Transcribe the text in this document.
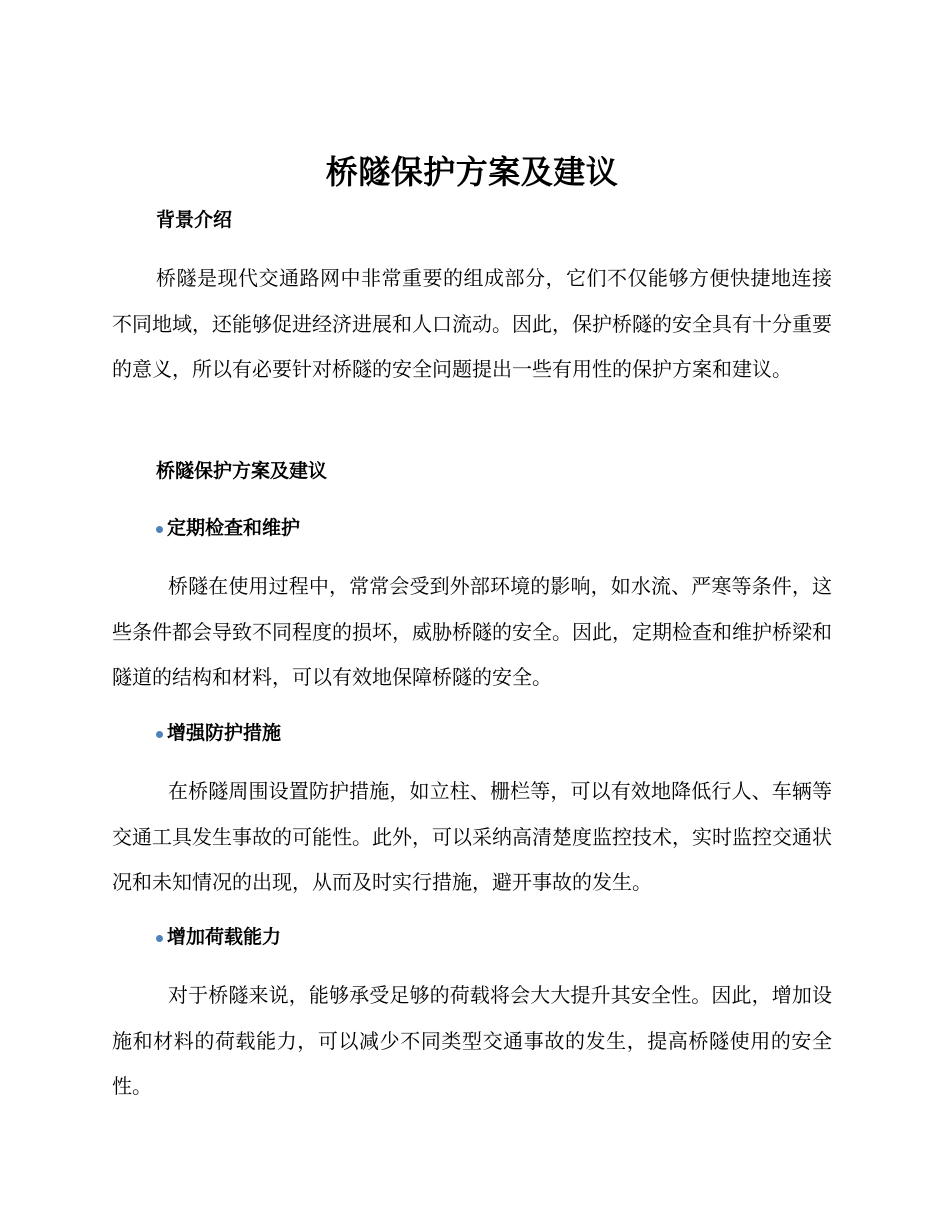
桥隧保护方案及建议
背景介绍
桥隧是现代交通路网中非常重要的组成部分，它们不仅能够方便快捷地连接不同地域，还能够促进经济进展和人口流动。因此，保护桥隧的安全具有十分重要的意义，所以有必要针对桥隧的安全问题提出一些有用性的保护方案和建议。
桥隧保护方案及建议
定期检查和维护
桥隧在使用过程中，常常会受到外部环境的影响，如水流、严寒等条件，这些条件都会导致不同程度的损坏，威胁桥隧的安全。因此，定期检查和维护桥梁和隧道的结构和材料，可以有效地保障桥隧的安全。
增强防护措施
在桥隧周围设置防护措施，如立柱、栅栏等，可以有效地降低行人、车辆等交通工具发生事故的可能性。此外，可以采纳高清楚度监控技术，实时监控交通状况和未知情况的出现，从而及时实行措施，避开事故的发生。
增加荷载能力
对于桥隧来说，能够承受足够的荷载将会大大提升其安全性。因此，增加设施和材料的荷载能力，可以减少不同类型交通事故的发生，提高桥隧使用的安全性。
